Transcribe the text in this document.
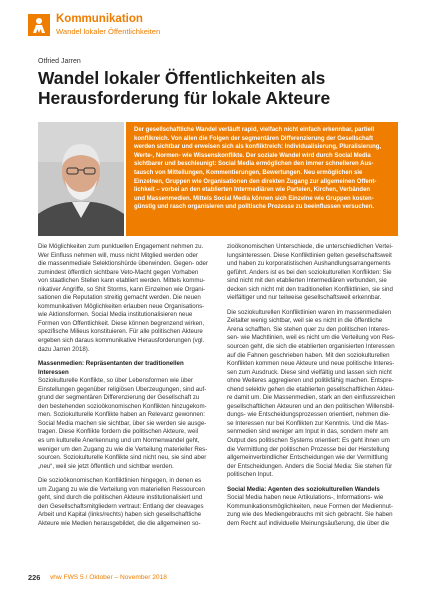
Kommunikation
Wandel lokaler Öffentlichkeiten
Otfried Jarren
Wandel lokaler Öffentlichkeiten als
Herausforderung für lokale Akteure
Der gesellschaftliche Wandel verläuft rapid, vielfach nicht einfach erkennbar, partiell
konflikreich. Von allen die Folgen der segmentären Differenzierung der Gesellschaft
werden sichtbar und erweisen sich als konfliktreich: Individualisierung, Pluralisierung,
Werte-, Normen- wie Wissenskonflikte. Der soziale Wandel wird durch Social Media
sichtbarer und beschleunigt: Social Media ermöglichen den immer schnelleren Aus-
tausch von Mitteilungen, Kommentierungen, Bewertungen. Neu ermöglichen sie
Einzelnen, Gruppen wie Organisationen den direkten Zugang zur allgemeinen Öffent-
lichkeit – vorbei an den etablierten Intermediären wie Parteien, Kirchen, Verbänden
und Massenmedien. Mittels Social Media können sich Einzelne wie Gruppen kosten-
günstig und rasch organisieren und politische Prozesse zu beeinflussen versuchen.
Die Möglichkeiten zum punktuellen Engagement nehmen zu.
Wer Einfluss nehmen will, muss nicht Mitglied werden oder
die massenmediale Selektionshürde überwinden. Gegen- oder
zumindest öffentlich sichtbare Veto-Macht gegen Vorhaben
von staatlichen Stellen kann etabliert werden. Mittels kommu-
nikativer Angriffe, so Shit Storms, kann Einzelnen wie Organi-
sationen die Reputation streitig gemacht werden. Die neuen
kommunikativen Möglichkeiten erlauben neue Organisations-
wie Aktionsformen. Social Media institutionalisieren neue
Formen von Öffentlichkeit. Diese können begrenzend wirken,
spezifische Milieus konstituieren. Für alle politischen Akteure
ergeben sich daraus kommunikative Herausforderungen (vgl.
dazu Jarren 2018).
Massenmedien: Repräsentanten der traditionellen
Interessen
Soziokulturelle Konflikte, so über Lebensformen wie über
Einstellungen gegenüber religiösen Überzeugungen, sind auf-
grund der segmentären Differenzierung der Gesellschaft zu
den bestehenden sozioökonomischen Konflikten hinzugekom-
men. Soziokulturelle Konflikte haben an Relevanz gewonnen:
Social Media machen sie sichtbar, über sie werden sie ausge-
tragen. Diese Konflikte fordern die politischen Akteure, weil
es um kulturelle Anerkennung und um Normenwandel geht,
weniger um den Zugang zu wie die Verteilung materieller Res-
sourcen. Soziokulturelle Konflikte sind nicht neu, sie sind aber
„neu“, weil sie jetzt öffentlich und sichtbar werden.
Die sozioökonomischen Konfliktlinien hingegen, in denen es
um Zugang zu wie die Verteilung von materiellen Ressourcen
geht, sind durch die politischen Akteure institutionalisiert und
den Gesellschaftsmitgliedern vertraut: Entlang der cleavages
Arbeit und Kapital (links/rechts) haben sich gesellschaftliche
Akteure wie Medien herausgebildet, die die allgemeinen so-
zioökonomischen Unterschiede, die unterschiedlichen Vertei-
lungsinteressen. Diese Konfliktlinien gelten gesellschaftsweit
und haben zu korporatistischen Aushandlungsarrangements
geführt. Anders ist es bei den soziokulturellen Konflikten: Sie
sind nicht mit den etablierten Intermediären verbunden, sie
decken sich nicht mit den traditionellen Konfliktlinien, sie sind
vielfältiger und nur teilweise gesellschaftsweit erkennbar.
Die soziokulturellen Konfliktlinien waren im massenmedialen
Zeitalter wenig sichtbar, weil sie es nicht in die öffentliche
Arena schafften. Sie stehen quer zu den politischen Interes-
sen- wie Machtlinien, weil es nicht um die Verteilung von Res-
sourcen geht, die sich die etablierten organisierten Interessen
auf die Fahnen geschrieben haben. Mit den soziokulturellen
Konflikten kommen neue Akteure und neue politische Interes-
sen zum Ausdruck. Diese sind vielfältig und lassen sich nicht
ohne Weiteres aggregieren und politikfähig machen. Entspre-
chend selektiv gehen die etablierten gesellschaftlichen Akteu-
re damit um. Die Massenmedien, stark an den einflussreichen
gesellschaftlichen Akteuren und an den politischen Willensbil-
dungs- wie Entscheidungsprozessen orientiert, nehmen die-
se Interessen nur bei Konflikten zur Kenntnis. Und die Mas-
senmedien sind weniger am Input in das, sondern mehr am
Output des politischen Systems orientiert: Es geht ihnen um
die Vermittlung der politischen Prozesse bei der Herstellung
allgemeinverbindlicher Entscheidungen wie der Vermittlung
der Entscheidungen. Anders die Social Media: Sie stehen für
politischen Input.
Social Media: Agenten des soziokulturellen Wandels
Social Media haben neue Artikulations-, Informations- wie
Kommunikationsmöglichkeiten, neue Formen der Mediennut-
zung wie des Mediengebrauchs mit sich gebracht. Sie haben
dem Recht auf individuelle Meinungsäußerung, die über die
226 vhw FWS 5 / Oktober – November 2018
